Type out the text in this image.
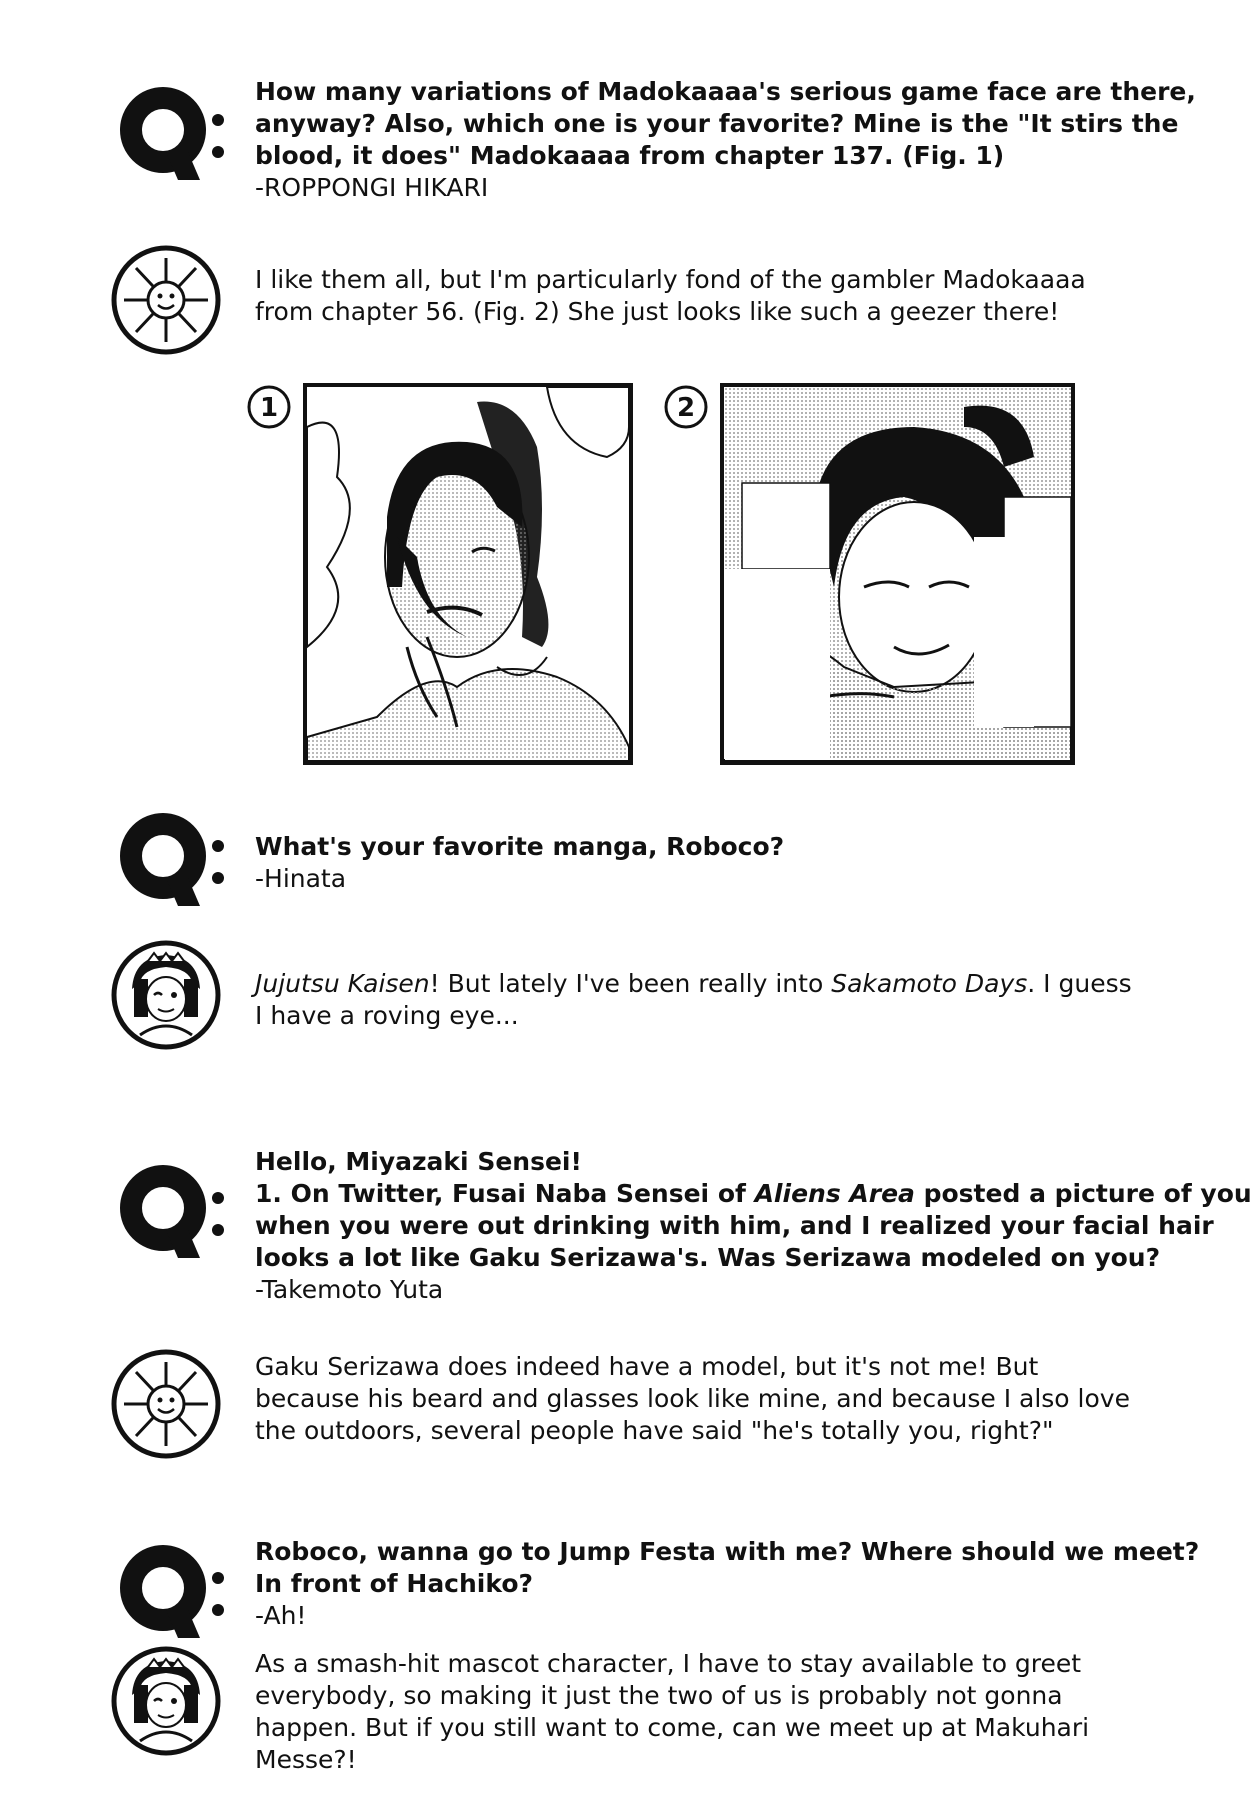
How many variations of Madokaaaa's serious game face are there,
anyway? Also, which one is your favorite? Mine is the "It stirs the
blood, it does" Madokaaaa from chapter 137. (Fig. 1)
-ROPPONGI HIKARI
I like them all, but I'm particularly fond of the gambler Madokaaaa
from chapter 56. (Fig. 2) She just looks like such a geezer there!
1	2
What's your favorite manga, Roboco?
-Hinata
Jujutsu Kaisen! But lately I've been really into Sakamoto Days. I guess
I have a roving eye...
Hello, Miyazaki Sensei!
1. On Twitter, Fusai Naba Sensei of Aliens Area posted a picture of you
when you were out drinking with him, and I realized your facial hair
looks a lot like Gaku Serizawa's. Was Serizawa modeled on you?
-Takemoto Yuta
Gaku Serizawa does indeed have a model, but it's not me! But
because his beard and glasses look like mine, and because I also love
the outdoors, several people have said "he's totally you, right?"
Roboco, wanna go to Jump Festa with me? Where should we meet?
In front of Hachiko?
-Ah!
As a smash-hit mascot character, I have to stay available to greet
everybody, so making it just the two of us is probably not gonna
happen. But if you still want to come, can we meet up at Makuhari
Messe?!
